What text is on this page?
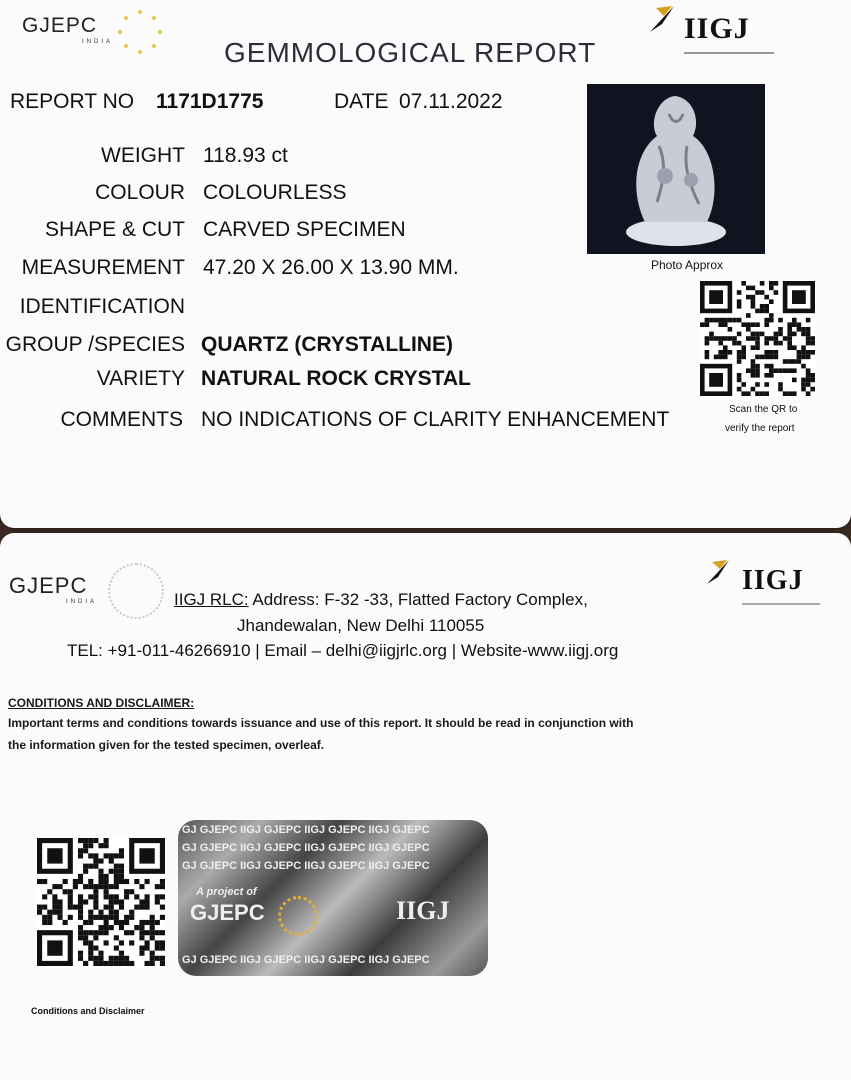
GJEPC
INDIA	IIGJ
GEMMOLOGICAL REPORT
REPORT NO 1171D1775	DATE 07.11.2022
WEIGHT 118.93 ct
COLOUR COLOURLESS
SHAPE & CUT CARVED SPECIMEN
MEASUREMENT 47.20 X 26.00 X 13.90 MM.
IDENTIFICATION
GROUP /SPECIES QUARTZ (CRYSTALLINE)
VARIETY NATURAL ROCK CRYSTAL
COMMENTS NO INDICATIONS OF CLARITY ENHANCEMENT
Photo Approx
Scan the QR to
verify the report
GJEPC
INDIA
IIGJ
IIGJ RLC: Address: F-32 -33, Flatted Factory Complex,
Jhandewalan, New Delhi 110055
TEL: +91-011-46266910 | Email – delhi@iigjrlc.org | Website-www.iigj.org
CONDITIONS AND DISCLAIMER:
Important terms and conditions towards issuance and use of this report. It should be read in conjunction with
the information given for the tested specimen, overleaf.
Conditions and Disclaimer
GJ GJEPC IIGJ GJEPC IIGJ GJEPC IIGJ GJEPC
GJ GJEPC IIGJ GJEPC IIGJ GJEPC IIGJ GJEPC
GJ GJEPC IIGJ GJEPC IIGJ GJEPC IIGJ GJEPC
A project of
GJEPC	IIGJ
GJ GJEPC IIGJ GJEPC IIGJ GJEPC IIGJ GJEPC
